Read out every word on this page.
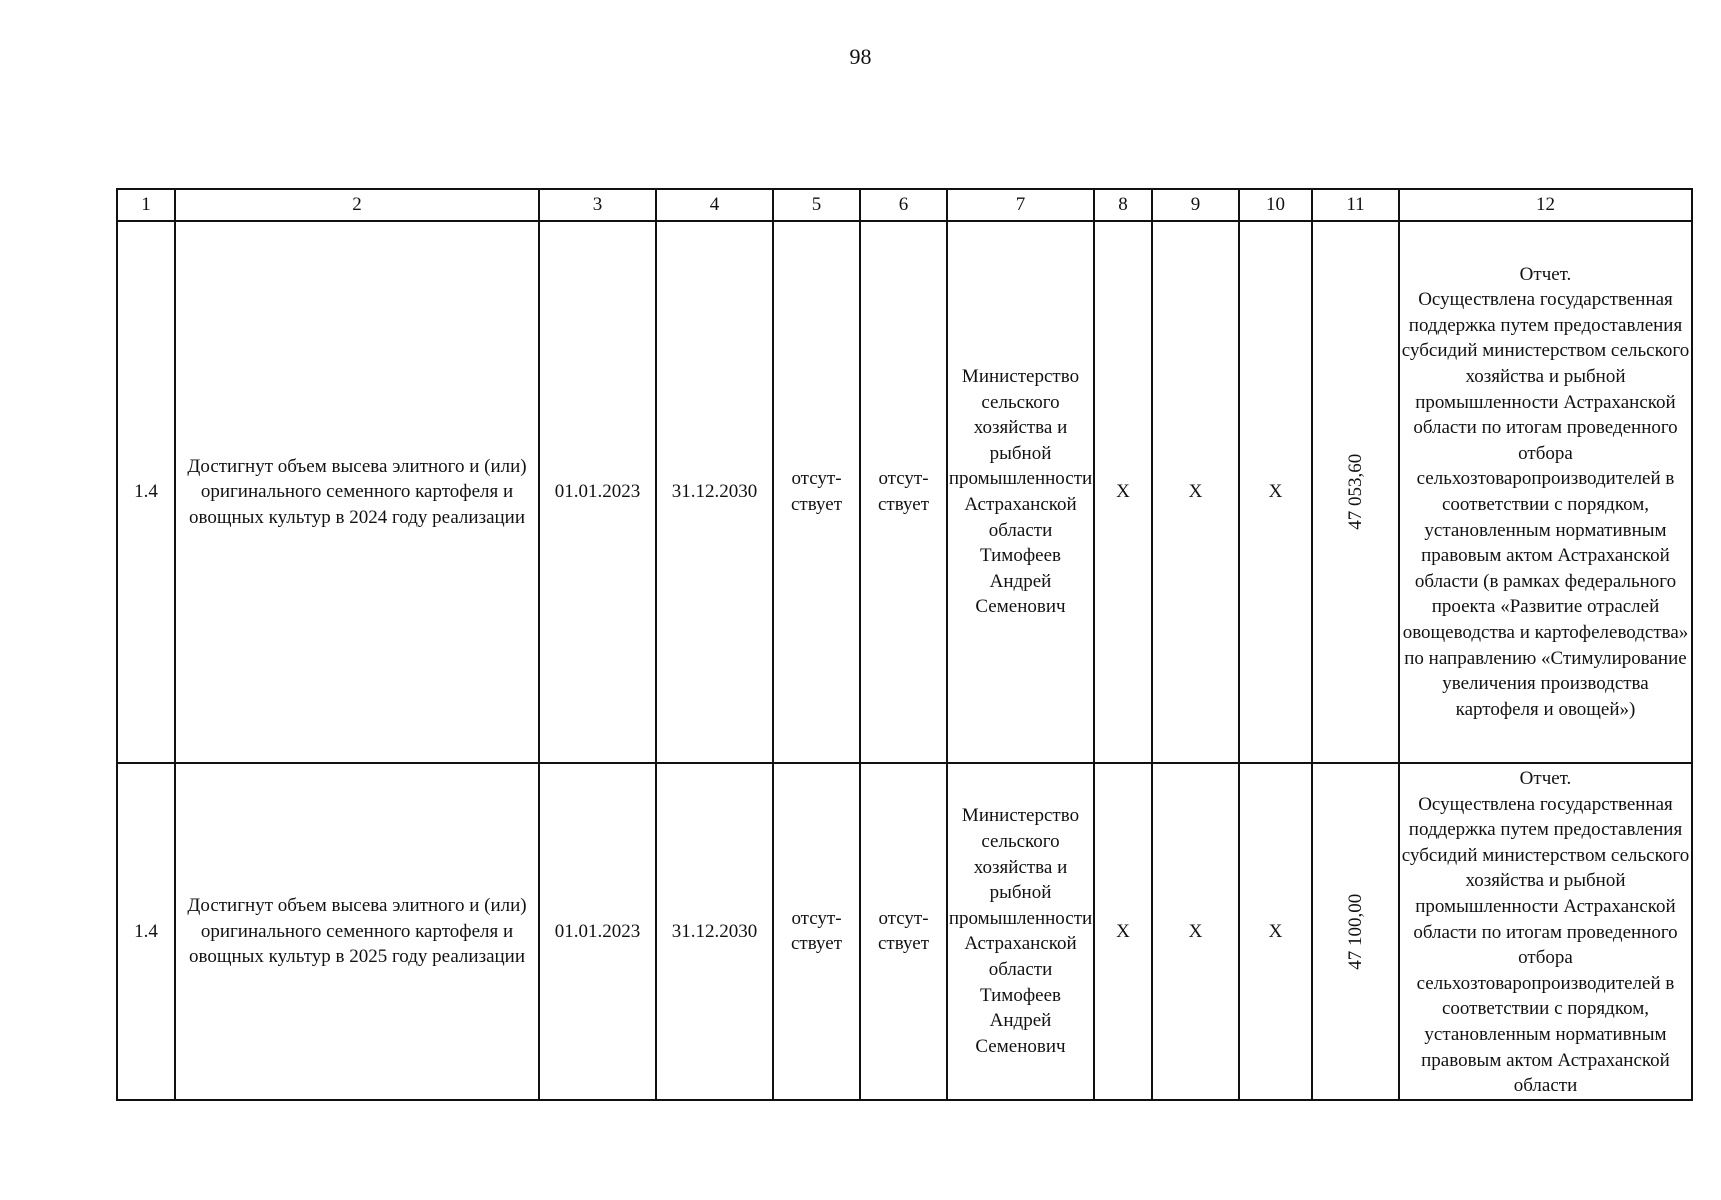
98
1	2	3	4	5	6	7	8	9	10	11	12
1.4	Достигнут объем высева элитного и (или) оригинального семенного картофеля и овощных культур в 2024 году реализации	01.01.2023	31.12.2030	отсут-ствует	отсут-ствует	Министерство сельского хозяйства и рыбной промышленности Астраханской области Тимофеев Андрей Семенович	Х	Х	Х	47 053,60	Отчет.
Осуществлена государственная поддержка путем предоставления субсидий министерством сельского хозяйства и рыбной промышленности Астраханской области по итогам проведенного отбора сельхозтоваропроизводителей в соответствии с порядком, установленным нормативным правовым актом Астраханской области (в рамках федерального проекта «Развитие отраслей овощеводства и картофелеводства» по направлению «Стимулирование увеличения производства картофеля и овощей»)

1.4	Достигнут объем высева элитного и (или) оригинального семенного картофеля и овощных культур в 2025 году реализации	01.01.2023	31.12.2030	отсут-ствует	отсут-ствует	Министерство сельского хозяйства и рыбной промышленности Астраханской области Тимофеев Андрей Семенович	Х	Х	Х	47 100,00	Отчет.
Осуществлена государственная поддержка путем предоставления субсидий министерством сельского хозяйства и рыбной промышленности Астраханской области по итогам проведенного отбора сельхозтоваропроизводителей в соответствии с порядком, установленным нормативным правовым актом Астраханской области
